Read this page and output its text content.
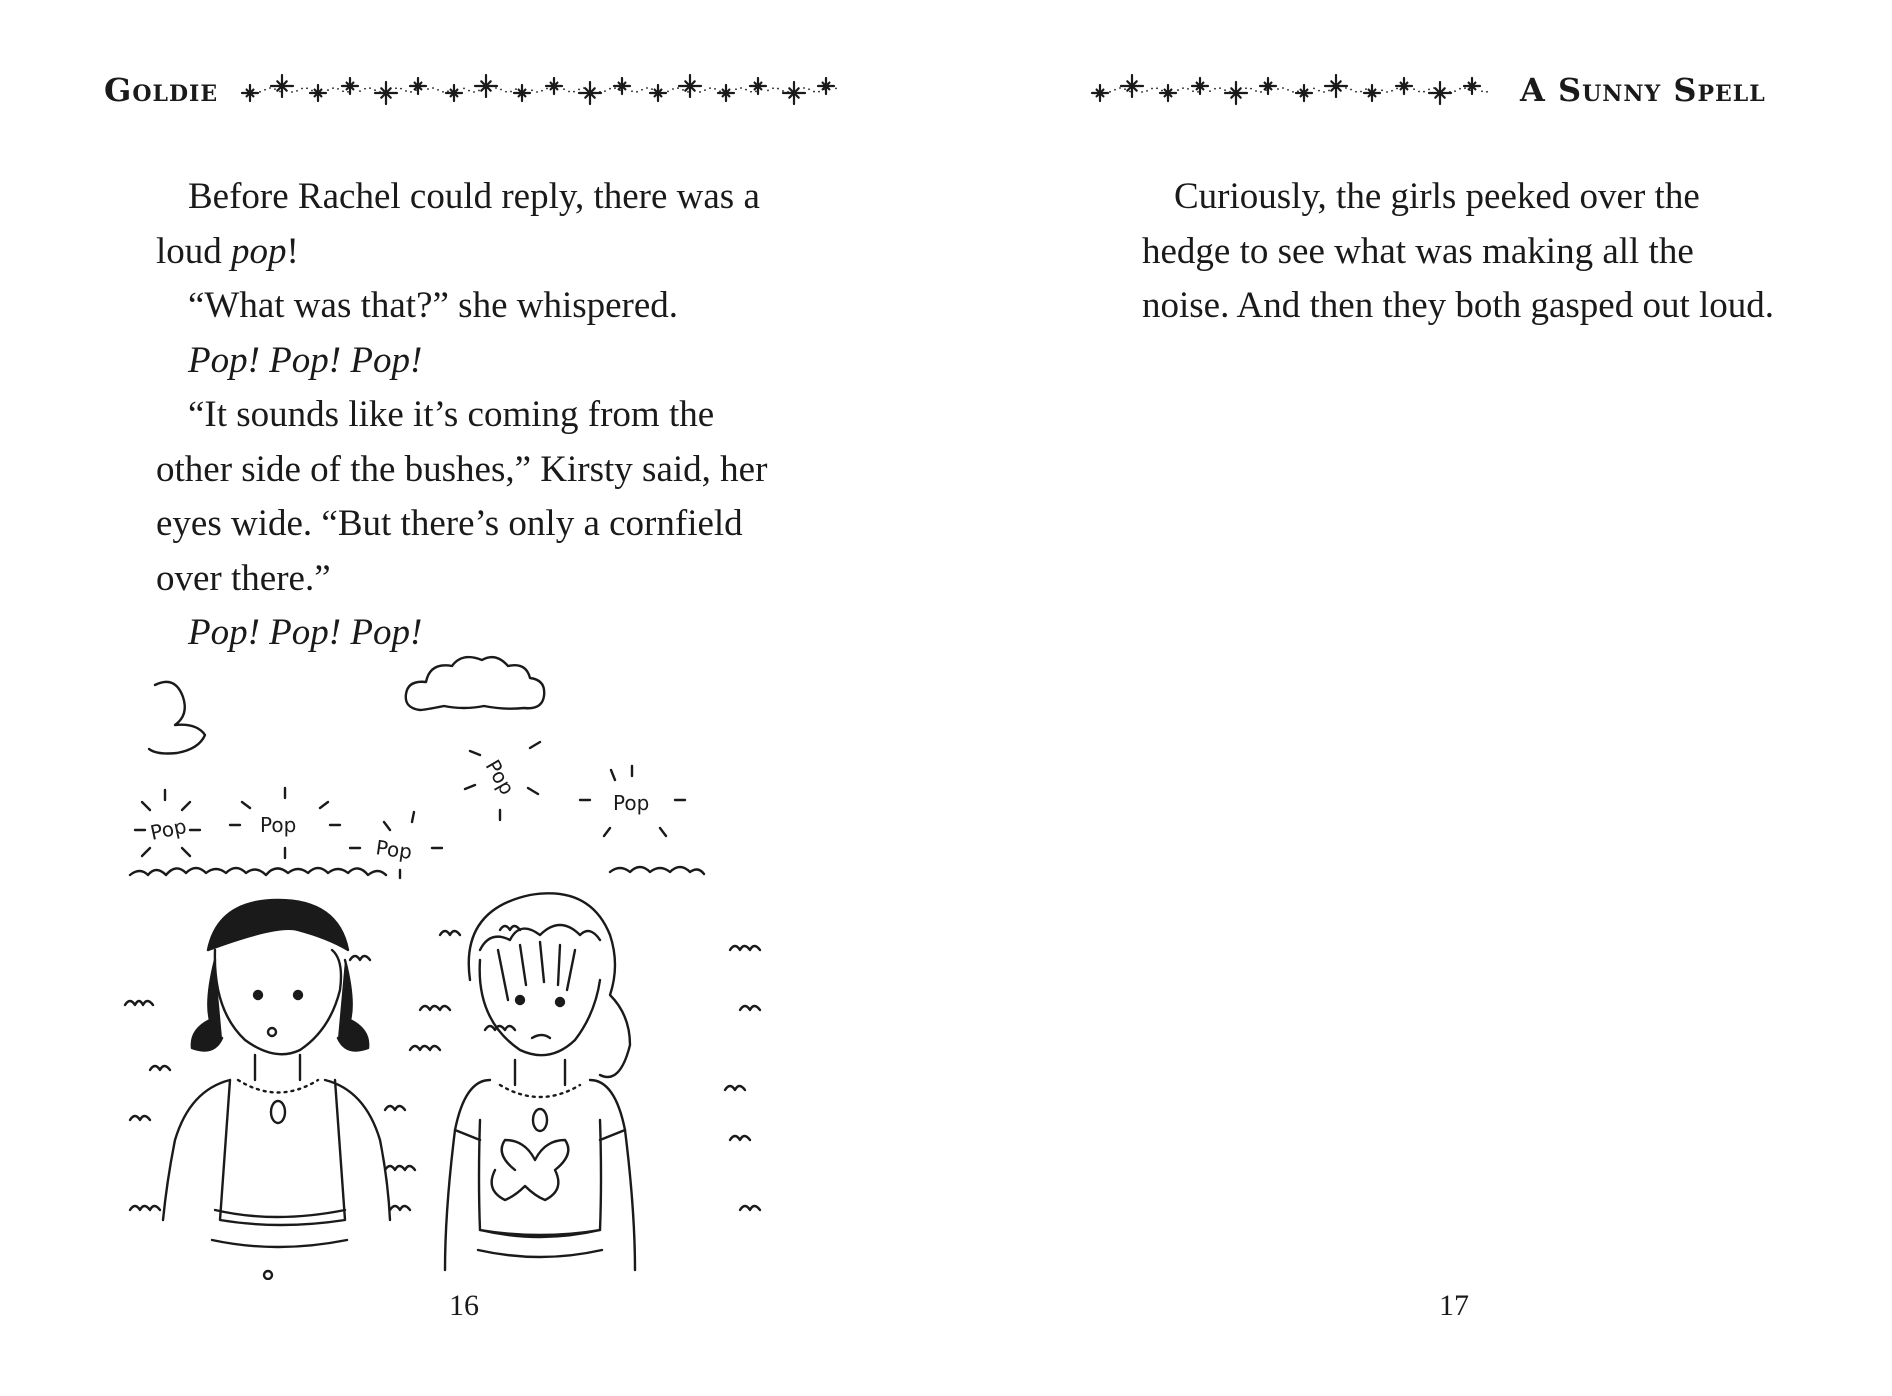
Goldie

Before Rachel could reply, there was a loud pop!

“What was that?” she whispered.

Pop! Pop! Pop!

“It sounds like it’s coming from the other side of the bushes,” Kirsty said, her eyes wide. “But there’s only a cornfield over there.”

Pop! Pop! Pop!

Pop	Pop
Pop
Pop
Pop
16
A Sunny Spell

Curiously, the girls peeked over the hedge to see what was making all the noise. And then they both gasped out loud.

17
